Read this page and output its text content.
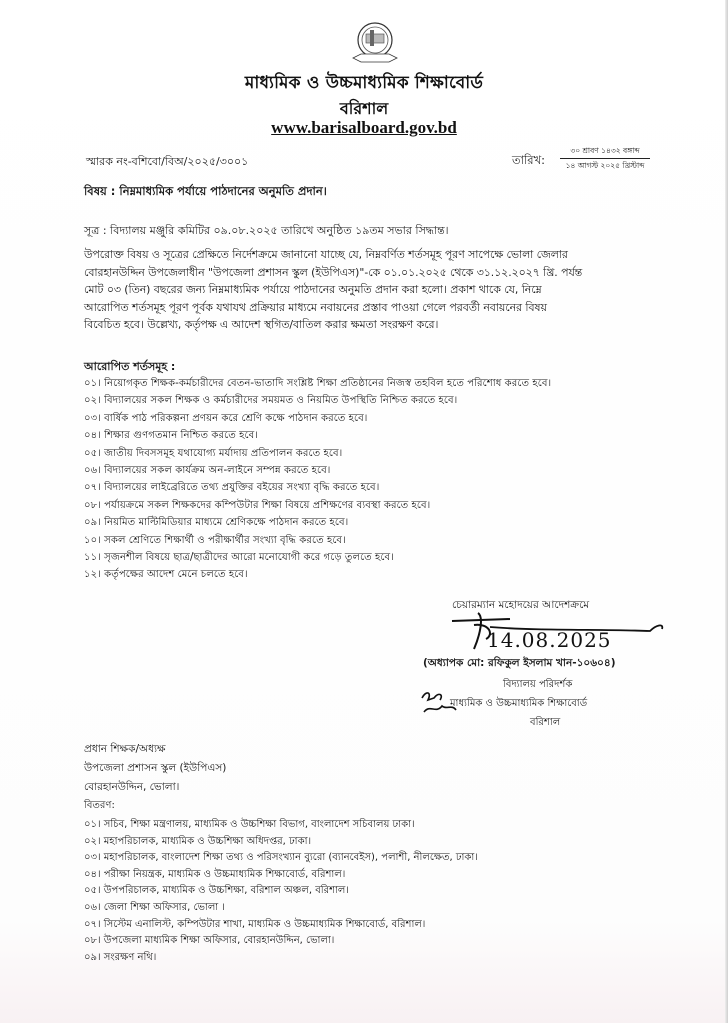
মাধ্যমিক ও উচ্চমাধ্যমিক শিক্ষাবোর্ড
বরিশাল
www.barisalboard.gov.bd
স্মারক নং-বশিবো/বিঅ/২০২৫/৩০০১	তারিখ:
৩০ শ্রাবণ ১৪৩২ বঙ্গাব্দ
১৪ আগস্ট ২০২৫ খ্রিস্টাব্দ
বিষয় : নিম্নমাধ্যমিক পর্যায়ে পাঠদানের অনুমতি প্রদান।
সূত্র : বিদ্যালয় মঞ্জুরি কমিটির ০৯.০৮.২০২৫ তারিখে অনুষ্ঠিত ১৯তম সভার সিদ্ধান্ত।
উপরোক্ত বিষয় ও সূত্রের প্রেক্ষিতে নির্দেশক্রমে জানানো যাচ্ছে যে, নিম্নবর্ণিত শর্তসমূহ পূরণ সাপেক্ষে ভোলা জেলার
বোরহানউদ্দিন উপজেলাধীন "উপজেলা প্রশাসন স্কুল (ইউপিএস)"-কে ০১.০১.২০২৫ থেকে ৩১.১২.২০২৭ খ্রি. পর্যন্ত
মোট ০৩ (তিন) বছরের জন্য নিম্নমাধ্যমিক পর্যায়ে পাঠদানের অনুমতি প্রদান করা হলো। প্রকাশ থাকে যে, নিম্নে
আরোপিত শর্তসমূহ পূরণ পূর্বক যথাযথ প্রক্রিয়ার মাধ্যমে নবায়নের প্রস্তাব পাওয়া গেলে পরবর্তী নবায়নের বিষয়
বিবেচিত হবে। উল্লেখ্য, কর্তৃপক্ষ এ আদেশ স্থগিত/বাতিল করার ক্ষমতা সংরক্ষণ করে।
আরোপিত শর্তসমূহ :
০১। নিয়োগকৃত শিক্ষক-কর্মচারীদের বেতন-ভাতাদি সংশ্লিষ্ট শিক্ষা প্রতিষ্ঠানের নিজস্ব তহবিল হতে পরিশোধ করতে হবে।
০২। বিদ্যালয়ের সকল শিক্ষক ও কর্মচারীদের সময়মত ও নিয়মিত উপস্থিতি নিশ্চিত করতে হবে।
০৩। বার্ষিক পাঠ পরিকল্পনা প্রণয়ন করে শ্রেণি কক্ষে পাঠদান করতে হবে।
০৪। শিক্ষার গুণগতমান নিশ্চিত করতে হবে।
০৫। জাতীয় দিবসসমূহ যথাযোগ্য মর্যাদায় প্রতিপালন করতে হবে।
০৬। বিদ্যালয়ের সকল কার্যক্রম অন-লাইনে সম্পন্ন করতে হবে।
০৭। বিদ্যালয়ের লাইব্রেরিতে তথ্য প্রযুক্তির বইয়ের সংখ্যা বৃদ্ধি করতে হবে।
০৮। পর্যায়ক্রমে সকল শিক্ষকদের কম্পিউটার শিক্ষা বিষয়ে প্রশিক্ষণের ব্যবস্থা করতে হবে।
০৯। নিয়মিত মাল্টিমিডিয়ার মাধ্যমে শ্রেণিকক্ষে পাঠদান করতে হবে।
১০। সকল শ্রেণিতে শিক্ষার্থী ও পরীক্ষার্থীর সংখ্যা বৃদ্ধি করতে হবে।
১১। সৃজনশীল বিষয়ে ছাত্র/ছাত্রীদের আরো মনোযোগী করে গড়ে তুলতে হবে।
১২। কর্তৃপক্ষের আদেশ মেনে চলতে হবে।
চেয়ারম্যান মহোদয়ের আদেশক্রমে
14.08.2025
(অধ্যাপক মো: রফিকুল ইসলাম খান-১০৬০৪)
বিদ্যালয় পরিদর্শক
মাধ্যমিক ও উচ্চমাধ্যমিক শিক্ষাবোর্ড
বরিশাল
প্রধান শিক্ষক/অধ্যক্ষ
উপজেলা প্রশাসন স্কুল (ইউপিএস)
বোরহানউদ্দিন, ভোলা।
বিতরণ:
০১। সচিব, শিক্ষা মন্ত্রণালয়, মাধ্যমিক ও উচ্চশিক্ষা বিভাগ, বাংলাদেশ সচিবালয় ঢাকা।
০২। মহাপরিচালক, মাধ্যমিক ও উচ্চশিক্ষা অধিদপ্তর, ঢাকা।
০৩। মহাপরিচালক, বাংলাদেশ শিক্ষা তথ্য ও পরিসংখ্যান ব্যুরো (ব্যানবেইস), পলাশী, নীলক্ষেত, ঢাকা।
০৪। পরীক্ষা নিয়ন্ত্রক, মাধ্যমিক ও উচ্চমাধ্যমিক শিক্ষাবোর্ড, বরিশাল।
০৫। উপপরিচালক, মাধ্যমিক ও উচ্চশিক্ষা, বরিশাল অঞ্চল, বরিশাল।
০৬। জেলা শিক্ষা অফিসার, ভোলা ।
০৭। সিস্টেম এনালিস্ট, কম্পিউটার শাখা, মাধ্যমিক ও উচ্চমাধ্যমিক শিক্ষাবোর্ড, বরিশাল।
০৮। উপজেলা মাধ্যমিক শিক্ষা অফিসার, বোরহানউদ্দিন, ভোলা।
০৯। সংরক্ষণ নথি।
